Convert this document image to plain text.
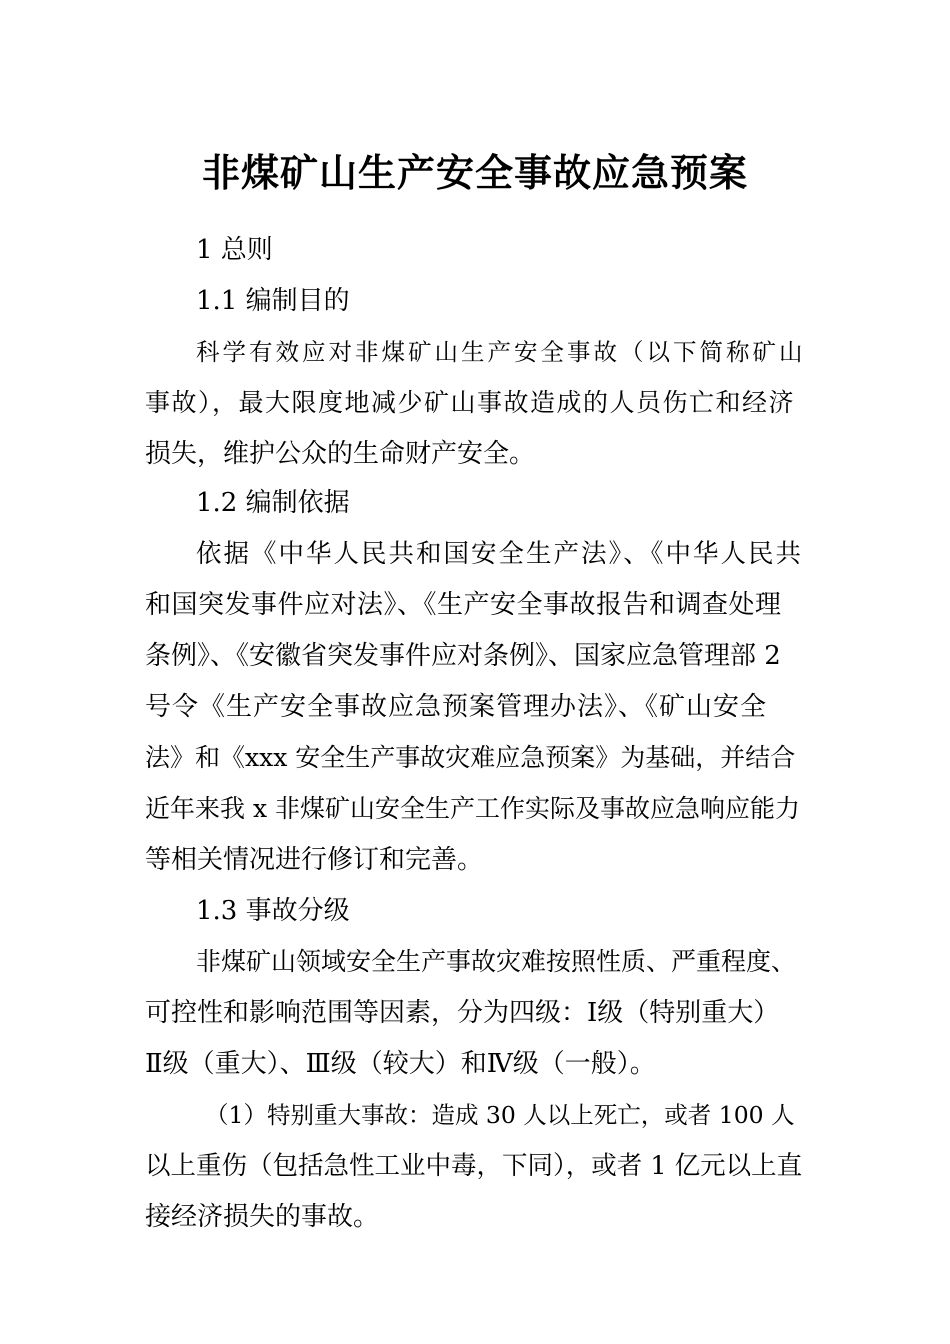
非煤矿山生产安全事故应急预案

1 总则

1.1 编制目的

科学有效应对非煤矿山生产安全事故（以下简称矿山

事故），最大限度地减少矿山事故造成的人员伤亡和经济

损失，维护公众的生命财产安全。

1.2 编制依据

依据《中华人民共和国安全生产法》、《中华人民共

和国突发事件应对法》、《生产安全事故报告和调查处理

条例》、《安徽省突发事件应对条例》、国家应急管理部 2

号令《生产安全事故应急预案管理办法》、《矿山安全

法》和《xxx 安全生产事故灾难应急预案》为基础，并结合

近年来我 x 非煤矿山安全生产工作实际及事故应急响应能力

等相关情况进行修订和完善。

1.3 事故分级

非煤矿山领域安全生产事故灾难按照性质、严重程度、

可控性和影响范围等因素，分为四级：Ⅰ级（特别重大）

Ⅱ级（重大）、Ⅲ级（较大）和Ⅳ级（一般）。

（1）特别重大事故：造成 30 人以上死亡，或者 100 人

以上重伤（包括急性工业中毒，下同），或者 1 亿元以上直

接经济损失的事故。
